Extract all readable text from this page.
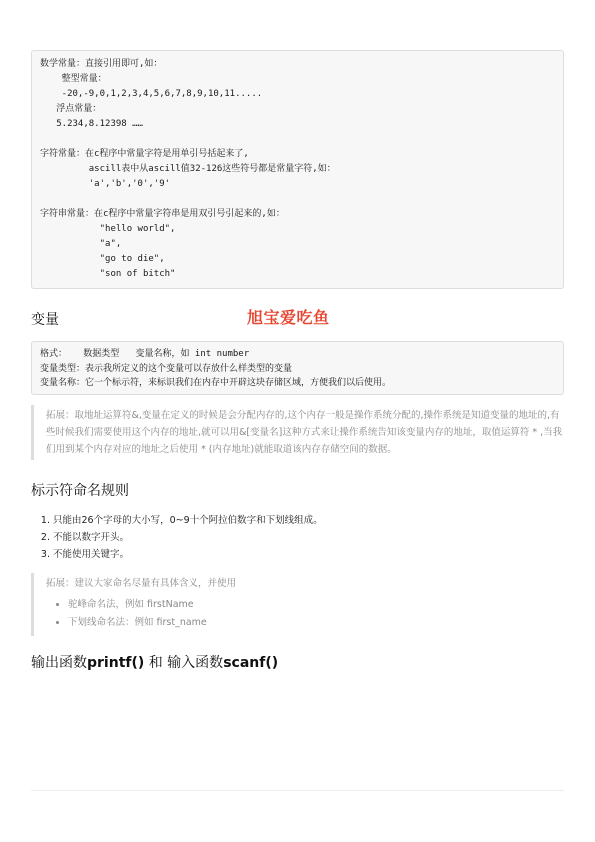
数学常量：直接引用即可,如：
整型常量：
-20,-9,0,1,2,3,4,5,6,7,8,9,10,11.....
浮点常量：
5.234,8.12398 ……
字符常量：在c程序中常量字符是用单引号括起来了,
ascill表中从ascill值32-126这些符号都是常量字符,如：
'a','b','0','9'
字符串常量：在c程序中常量字符串是用双引号引起来的,如：
"hello world",
"a",
"go to die",
"son of bitch"
变量	旭宝爱吃鱼
格式：   数据类型   变量名称，如 int number
变量类型：表示我所定义的这个变量可以存放什么样类型的变量
变量名称：它一个标示符，来标识我们在内存中开辟这块存储区域，方便我们以后使用。
拓展：取地址运算符&,变量在定义的时候是会分配内存的,这个内存一般是操作系统分配的,操作系统是知道变量的地址的,有些时候我们需要使用这个内存的地址,就可以用&[变量名]这种方式来让操作系统告知该变量内存的地址，取值运算符 * ,当我们用到某个内存对应的地址之后使用 * (内存地址)就能取道该内存存储空间的数据。
标示符命名规则
1. 只能由26个字母的大小写，0~9十个阿拉伯数字和下划线组成。
2. 不能以数字开头。
3. 不能使用关键字。
拓展：建议大家命名尽量有具体含义，并使用
• 驼峰命名法，例如 firstName
• 下划线命名法：例如 first_name
输出函数printf() 和 输入函数scanf()
